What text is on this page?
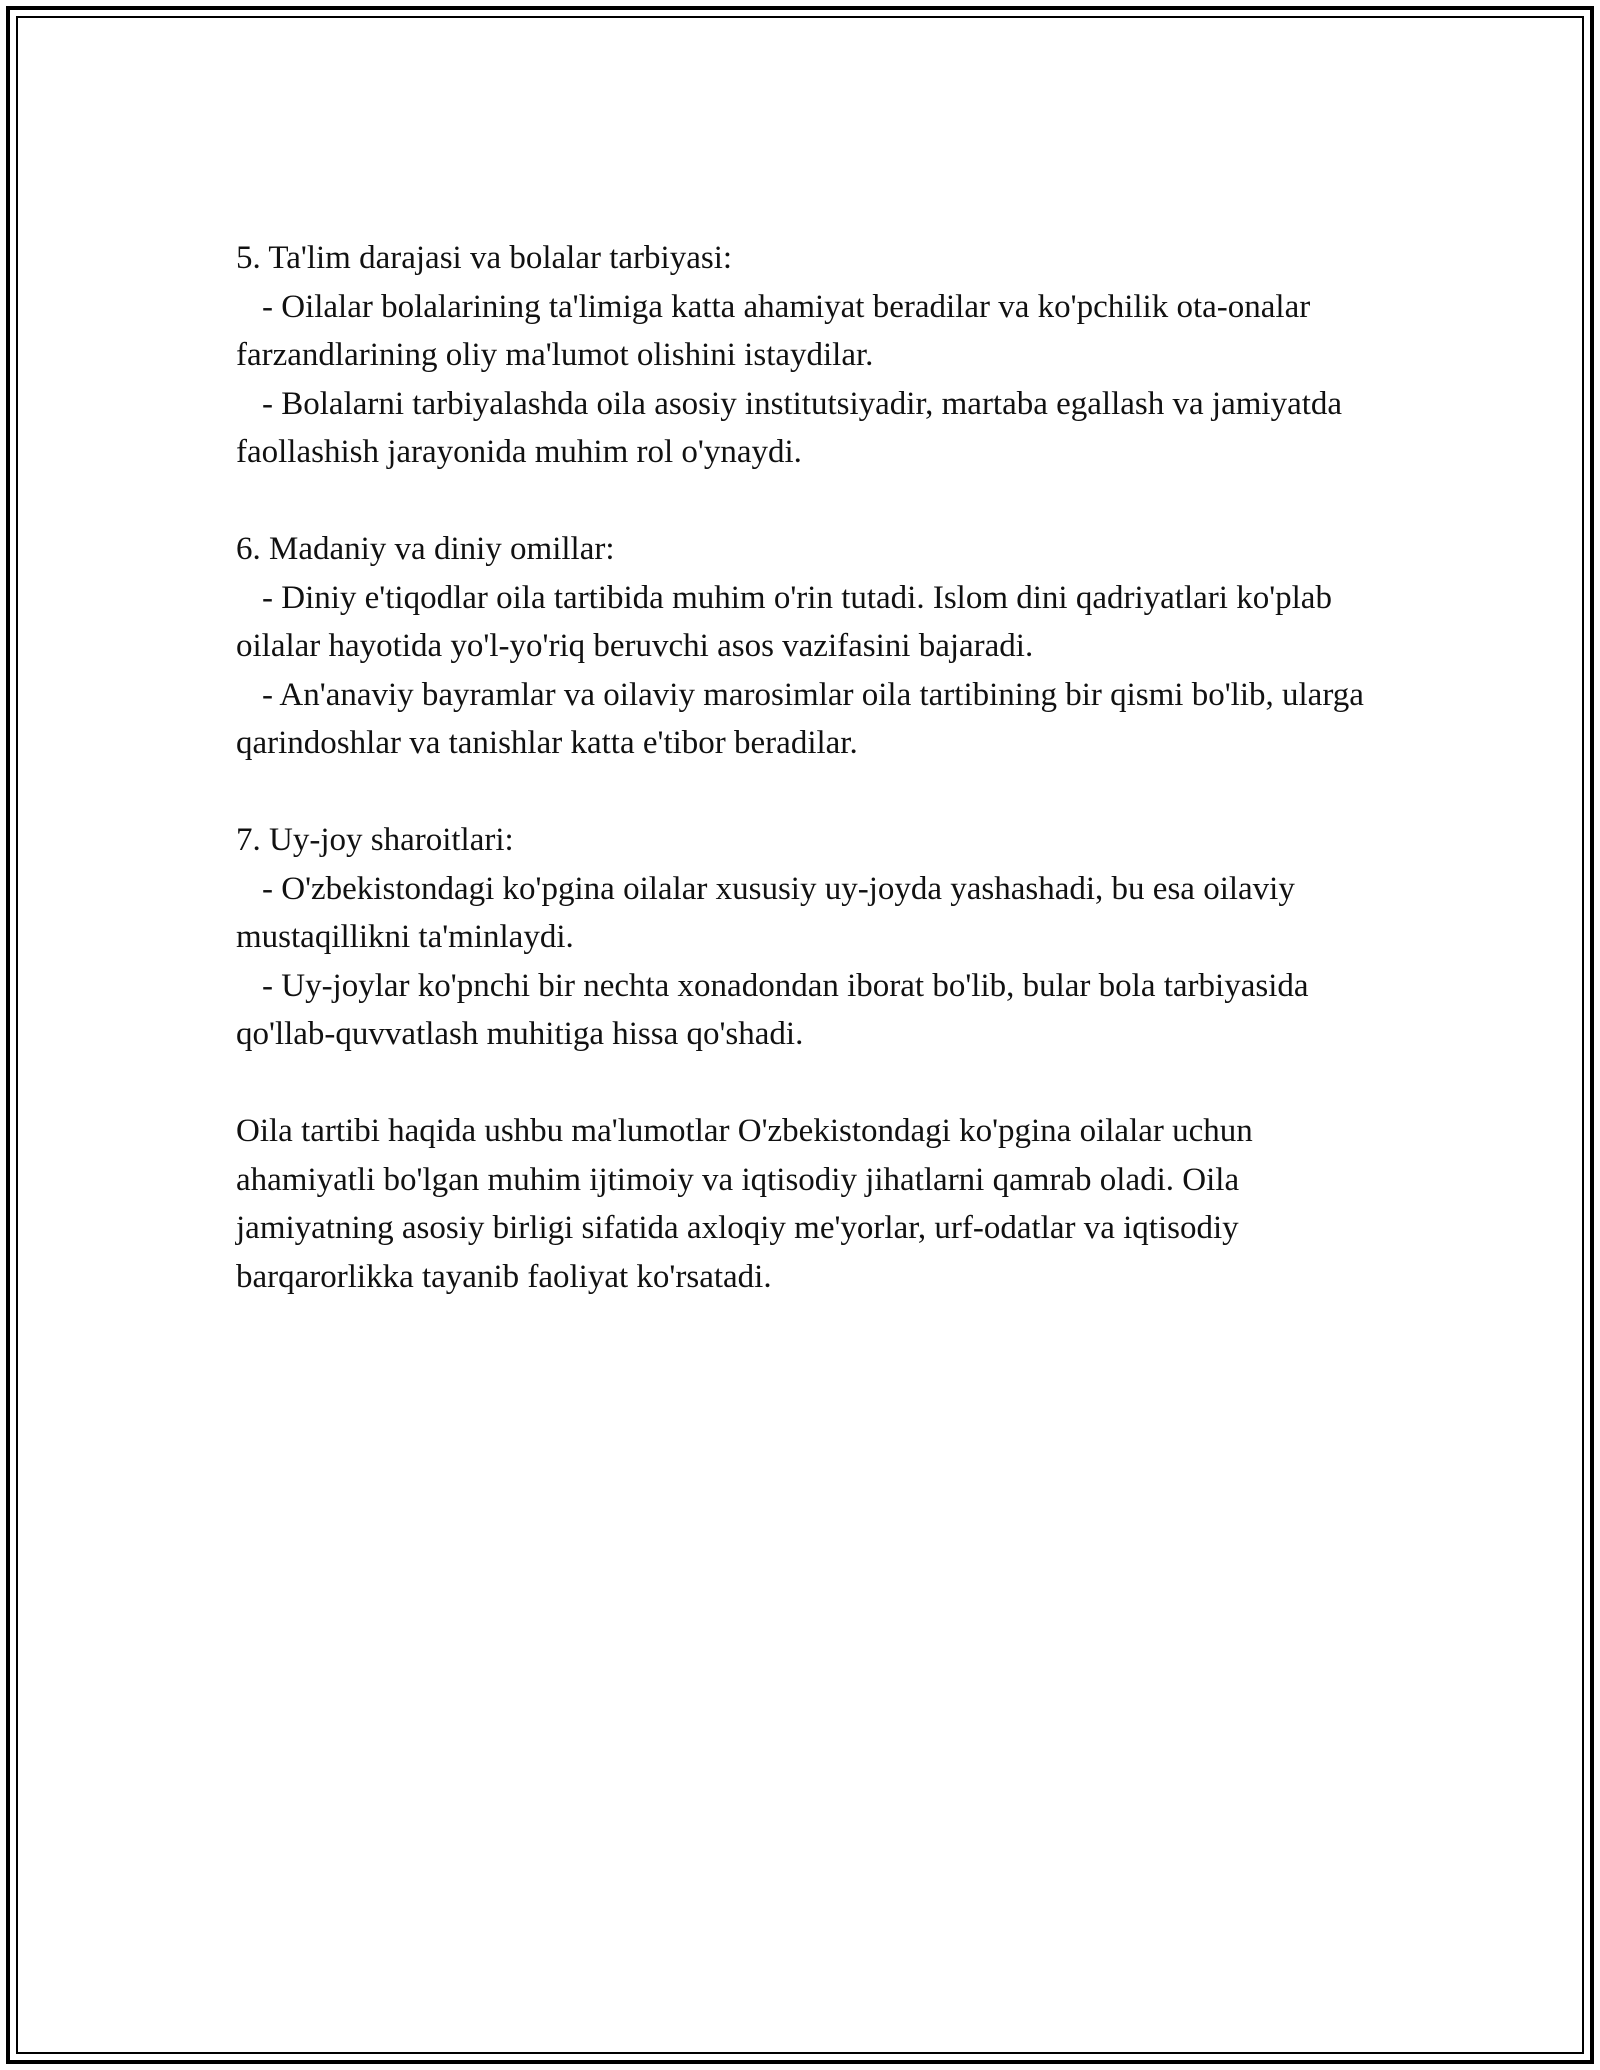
5. Ta'lim darajasi va bolalar tarbiyasi:

- Oilalar bolalarining ta'limiga katta ahamiyat beradilar va ko'pchilik ota-onalar farzandlarining oliy ma'lumot olishini istaydilar.

- Bolalarni tarbiyalashda oila asosiy institutsiyadir, martaba egallash va jamiyatda faollashish jarayonida muhim rol o'ynaydi.

6. Madaniy va diniy omillar:

- Diniy e'tiqodlar oila tartibida muhim o'rin tutadi. Islom dini qadriyatlari ko'plab oilalar hayotida yo'l-yo'riq beruvchi asos vazifasini bajaradi.

- An'anaviy bayramlar va oilaviy marosimlar oila tartibining bir qismi bo'lib, ularga qarindoshlar va tanishlar katta e'tibor beradilar.

7. Uy-joy sharoitlari:

- O'zbekistondagi ko'pgina oilalar xususiy uy-joyda yashashadi, bu esa oilaviy mustaqillikni ta'minlaydi.

- Uy-joylar ko'pnchi bir nechta xonadondan iborat bo'lib, bular bola tarbiyasida qo'llab-quvvatlash muhitiga hissa qo'shadi.

Oila tartibi haqida ushbu ma'lumotlar O'zbekistondagi ko'pgina oilalar uchun ahamiyatli bo'lgan muhim ijtimoiy va iqtisodiy jihatlarni qamrab oladi. Oila jamiyatning asosiy birligi sifatida axloqiy me'yorlar, urf-odatlar va iqtisodiy barqarorlikka tayanib faoliyat ko'rsatadi.
